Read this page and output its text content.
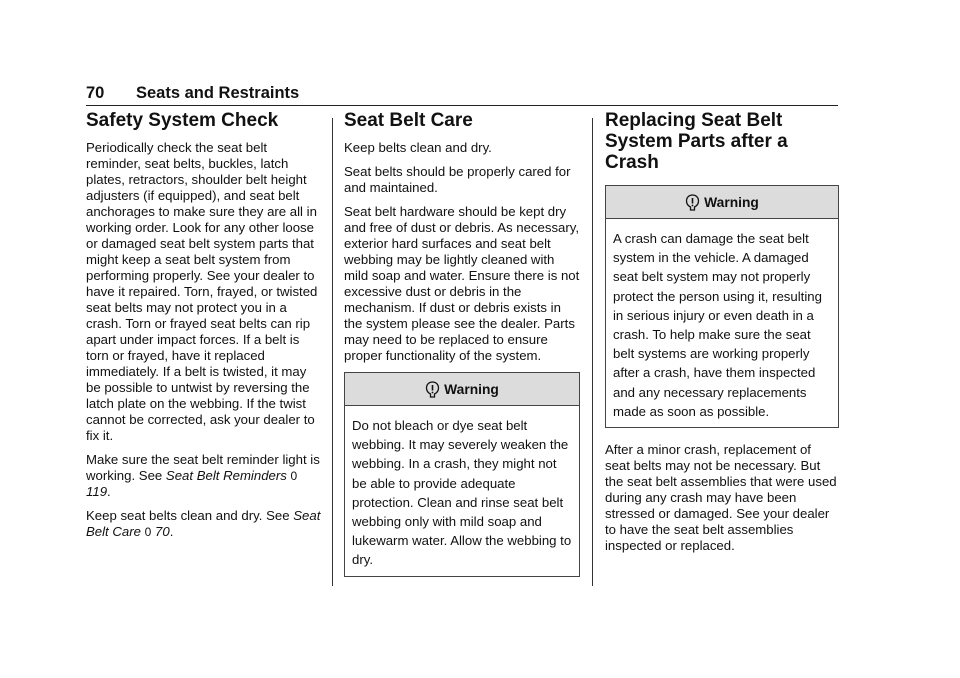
70 Seats and Restraints
Safety System Check

Periodically check the seat belt reminder, seat belts, buckles, latch plates, retractors, shoulder belt height adjusters (if equipped), and seat belt anchorages to make sure they are all in working order. Look for any other loose or damaged seat belt system parts that might keep a seat belt system from performing properly. See your dealer to have it repaired. Torn, frayed, or twisted seat belts may not protect you in a crash. Torn or frayed seat belts can rip apart under impact forces. If a belt is torn or frayed, have it replaced immediately. If a belt is twisted, it may be possible to untwist by reversing the latch plate on the webbing. If the twist cannot be corrected, ask your dealer to fix it.

Make sure the seat belt reminder light is working. See Seat Belt Reminders 0 119.

Keep seat belts clean and dry. See Seat Belt Care 0 70.

Seat Belt Care

Keep belts clean and dry.

Seat belts should be properly cared for and maintained.

Seat belt hardware should be kept dry and free of dust or debris. As necessary, exterior hard surfaces and seat belt webbing may be lightly cleaned with mild soap and water. Ensure there is not excessive dust or debris in the mechanism. If dust or debris exists in the system please see the dealer. Parts may need to be replaced to ensure proper functionality of the system.

Warning
Do not bleach or dye seat belt webbing. It may severely weaken the webbing. In a crash, they might not be able to provide adequate protection. Clean and rinse seat belt webbing only with mild soap and lukewarm water. Allow the webbing to dry.
Replacing Seat Belt System Parts after a Crash
Warning
A crash can damage the seat belt system in the vehicle. A damaged seat belt system may not properly protect the person using it, resulting in serious injury or even death in a crash. To help make sure the seat belt systems are working properly after a crash, have them inspected and any necessary replacements made as soon as possible.

After a minor crash, replacement of seat belts may not be necessary. But the seat belt assemblies that were used during any crash may have been stressed or damaged. See your dealer to have the seat belt assemblies inspected or replaced.
